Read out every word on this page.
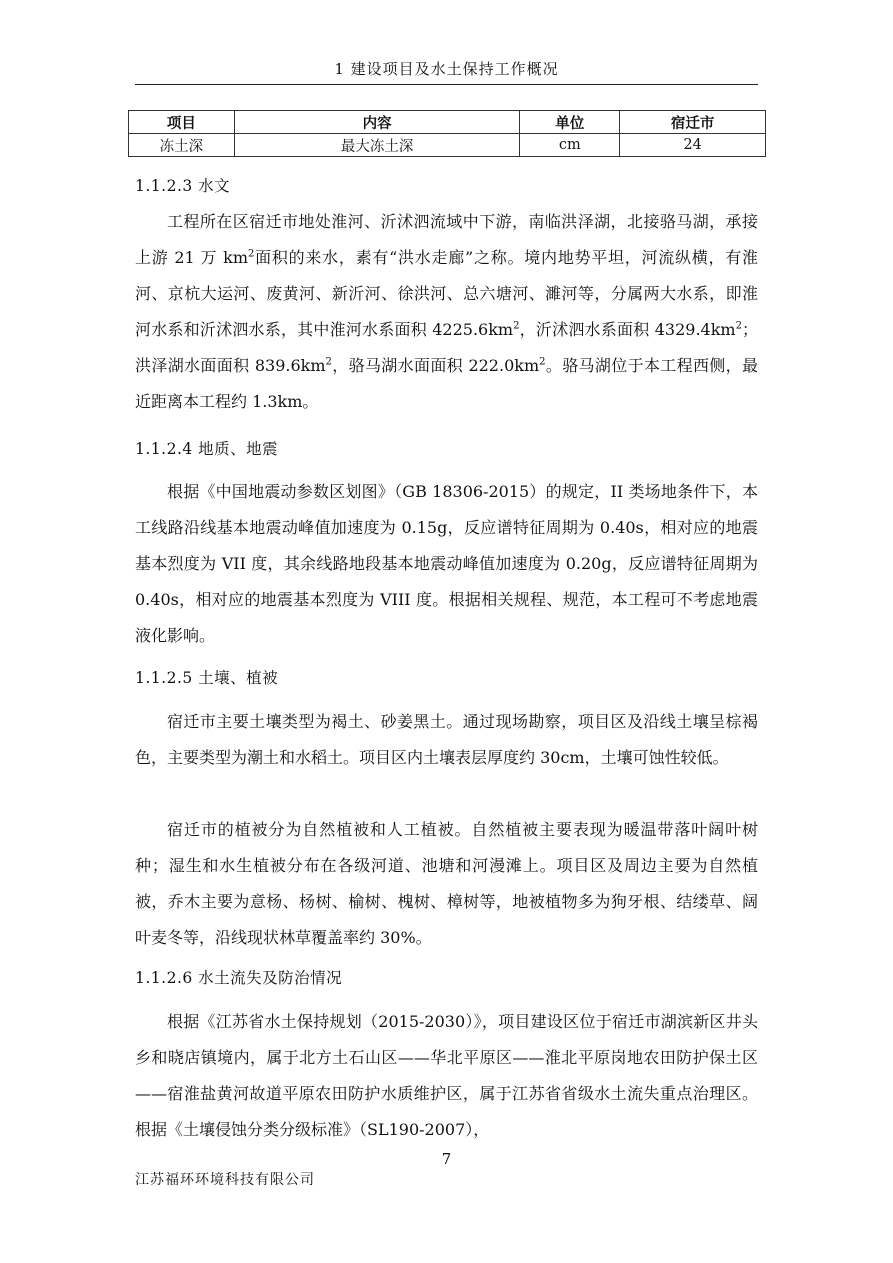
1 建设项目及水土保持工作概况
项目	内容	单位	宿迁市
冻土深	最大冻土深	cm	24
1.1.2.3 水文
工程所在区宿迁市地处淮河、沂沭泗流域中下游，南临洪泽湖，北接骆马湖，承接上游 21 万 $km^2$面积的来水，素有“洪水走廊”之称。境内地势平坦，河流纵横，有淮河、京杭大运河、废黄河、新沂河、徐洪河、总六塘河、濉河等，分属两大水系，即淮河水系和沂沭泗水系，其中淮河水系面积 $4225.6km^2$，沂沭泗水系面积 $4329.4km^2$；洪泽湖水面面积 $839.6km^2$，骆马湖水面面积 $222.0km^2$。骆马湖位于本工程西侧，最近距离本工程约 1.3km。
1.1.2.4 地质、地震
根据《中国地震动参数区划图》（GB 18306-2015）的规定，II 类场地条件下，本工线路沿线基本地震动峰值加速度为 0.15g，反应谱特征周期为 0.40s，相对应的地震基本烈度为 VII 度，其余线路地段基本地震动峰值加速度为 0.20g，反应谱特征周期为 0.40s，相对应的地震基本烈度为 VIII 度。根据相关规程、规范，本工程可不考虑地震液化影响。
1.1.2.5 土壤、植被
宿迁市主要土壤类型为褐土、砂姜黑土。通过现场勘察，项目区及沿线土壤呈棕褐色，主要类型为潮土和水稻土。项目区内土壤表层厚度约 30cm，土壤可蚀性较低。
宿迁市的植被分为自然植被和人工植被。自然植被主要表现为暖温带落叶阔叶树种；湿生和水生植被分布在各级河道、池塘和河漫滩上。项目区及周边主要为自然植被，乔木主要为意杨、杨树、榆树、槐树、樟树等，地被植物多为狗牙根、结缕草、阔叶麦冬等，沿线现状林草覆盖率约 30%。
1.1.2.6 水土流失及防治情况
根据《江苏省水土保持规划（2015-2030）》，项目建设区位于宿迁市湖滨新区井头乡和晓店镇境内，属于北方土石山区——华北平原区——淮北平原岗地农田防护保土区——宿淮盐黄河故道平原农田防护水质维护区，属于江苏省省级水土流失重点治理区。根据《土壤侵蚀分类分级标准》（SL190-2007），
7
江苏福环环境科技有限公司
